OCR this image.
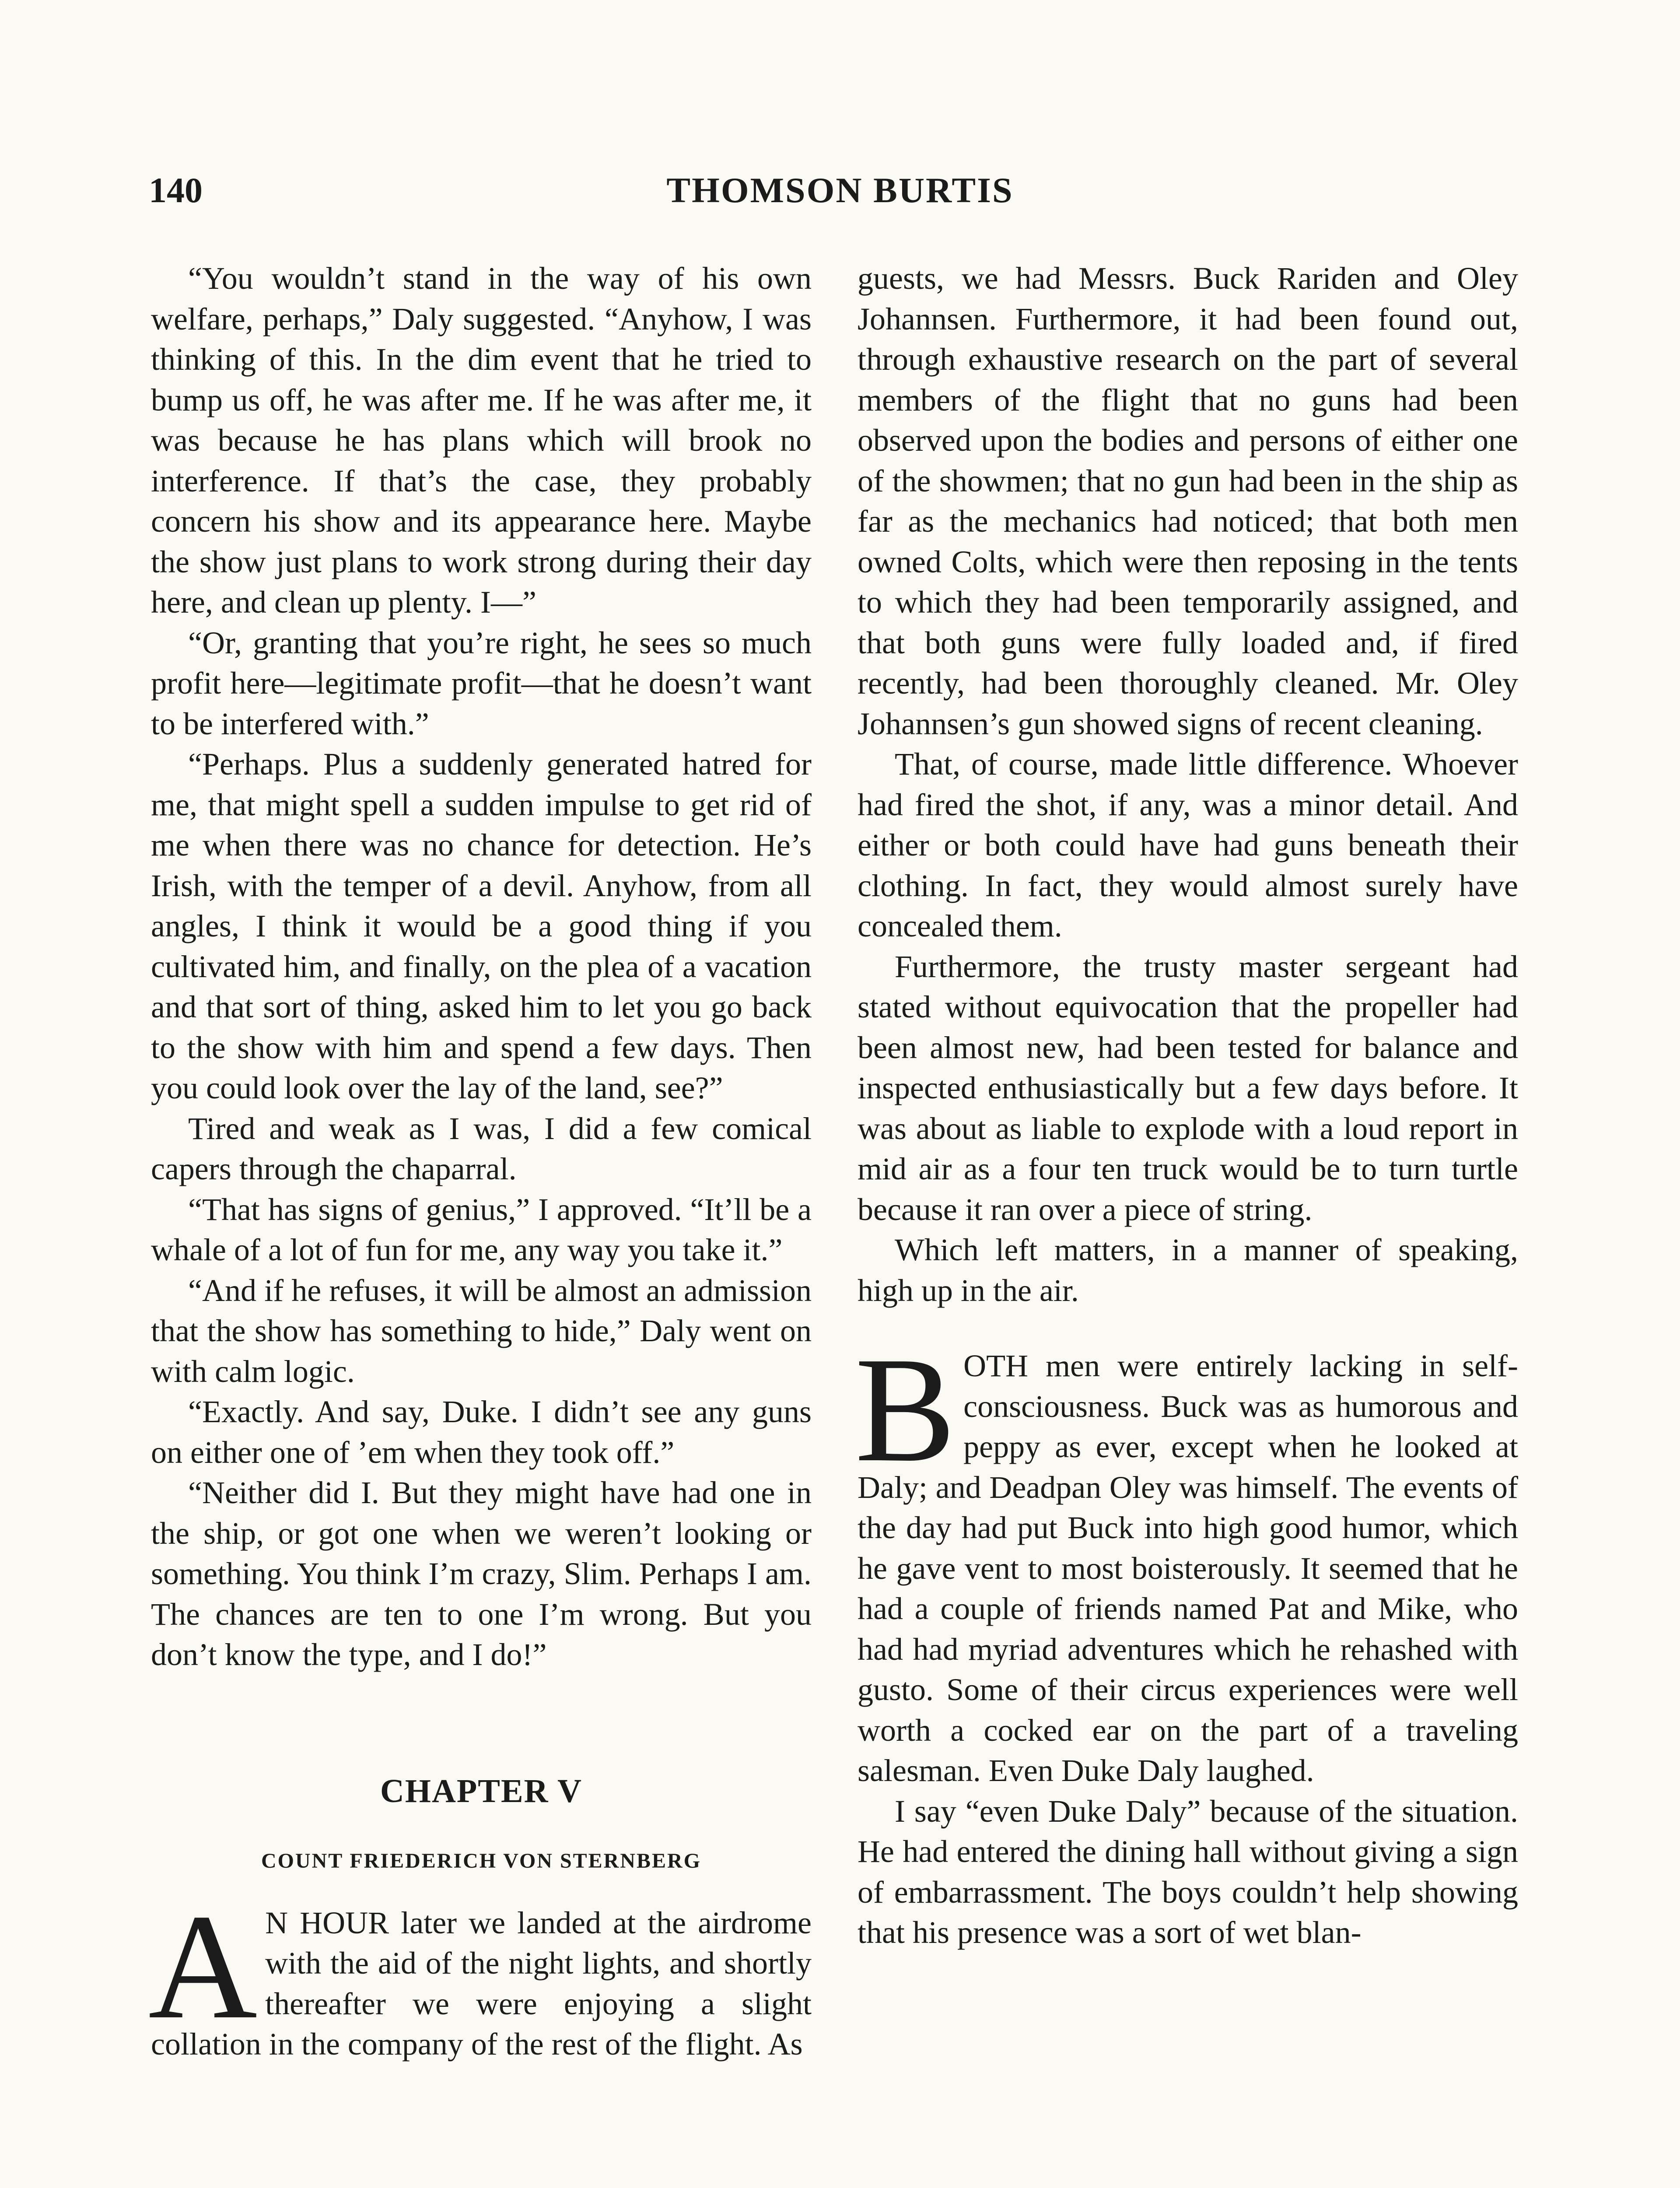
140	THOMSON BURTIS

“You wouldn’t stand in the way of his own welfare, perhaps,” Daly suggested. “Anyhow, I was thinking of this. In the dim event that he tried to bump us off, he was after me. If he was after me, it was because he has plans which will brook no interference. If that’s the case, they probably concern his show and its appearance here. Maybe the show just plans to work strong during their day here, and clean up plenty. I—”

“Or, granting that you’re right, he sees so much profit here—legitimate profit—that he doesn’t want to be interfered with.”

“Perhaps. Plus a suddenly generated hatred for me, that might spell a sudden impulse to get rid of me when there was no chance for detection. He’s Irish, with the temper of a devil. Anyhow, from all angles, I think it would be a good thing if you cultivated him, and finally, on the plea of a vacation and that sort of thing, asked him to let you go back to the show with him and spend a few days. Then you could look over the lay of the land, see?”

Tired and weak as I was, I did a few comical capers through the chaparral.

“That has signs of genius,” I approved. “It’ll be a whale of a lot of fun for me, any way you take it.”

“And if he refuses, it will be almost an admission that the show has something to hide,” Daly went on with calm logic.

“Exactly. And say, Duke. I didn’t see any guns on either one of ’em when they took off.”

“Neither did I. But they might have had one in the ship, or got one when we weren’t looking or something. You think I’m crazy, Slim. Perhaps I am. The chances are ten to one I’m wrong. But you don’t know the type, and I do!”

CHAPTER V
COUNT FRIEDERICH VON STERNBERG

A N HOUR later we landed at the airdrome with the aid of the night lights, and shortly thereafter we were enjoying a slight collation in the company of the rest of the flight. As

guests, we had Messrs. Buck Rariden and Oley Johannsen. Furthermore, it had been found out, through exhaustive research on the part of several members of the flight that no guns had been observed upon the bodies and persons of either one of the showmen; that no gun had been in the ship as far as the mechanics had noticed; that both men owned Colts, which were then reposing in the tents to which they had been temporarily assigned, and that both guns were fully loaded and, if fired recently, had been thoroughly cleaned. Mr. Oley Johannsen’s gun showed signs of recent cleaning.

That, of course, made little difference. Whoever had fired the shot, if any, was a minor detail. And either or both could have had guns beneath their clothing. In fact, they would almost surely have concealed them.

Furthermore, the trusty master sergeant had stated without equivocation that the propeller had been almost new, had been tested for balance and inspected enthusiastically but a few days before. It was about as liable to explode with a loud report in mid air as a four ten truck would be to turn turtle because it ran over a piece of string.

Which left matters, in a manner of speaking, high up in the air.

BOTH men were entirely lacking in self-consciousness. Buck was as humorous and peppy as ever, except when he looked at Daly; and Deadpan Oley was himself. The events of the day had put Buck into high good humor, which he gave vent to most boisterously. It seemed that he had a couple of friends named Pat and Mike, who had had myriad adventures which he rehashed with gusto. Some of their circus experiences were well worth a cocked ear on the part of a traveling salesman. Even Duke Daly laughed.

I say “even Duke Daly” because of the situation. He had entered the dining hall without giving a sign of embarrassment. The boys couldn’t help showing that his presence was a sort of wet blan-
